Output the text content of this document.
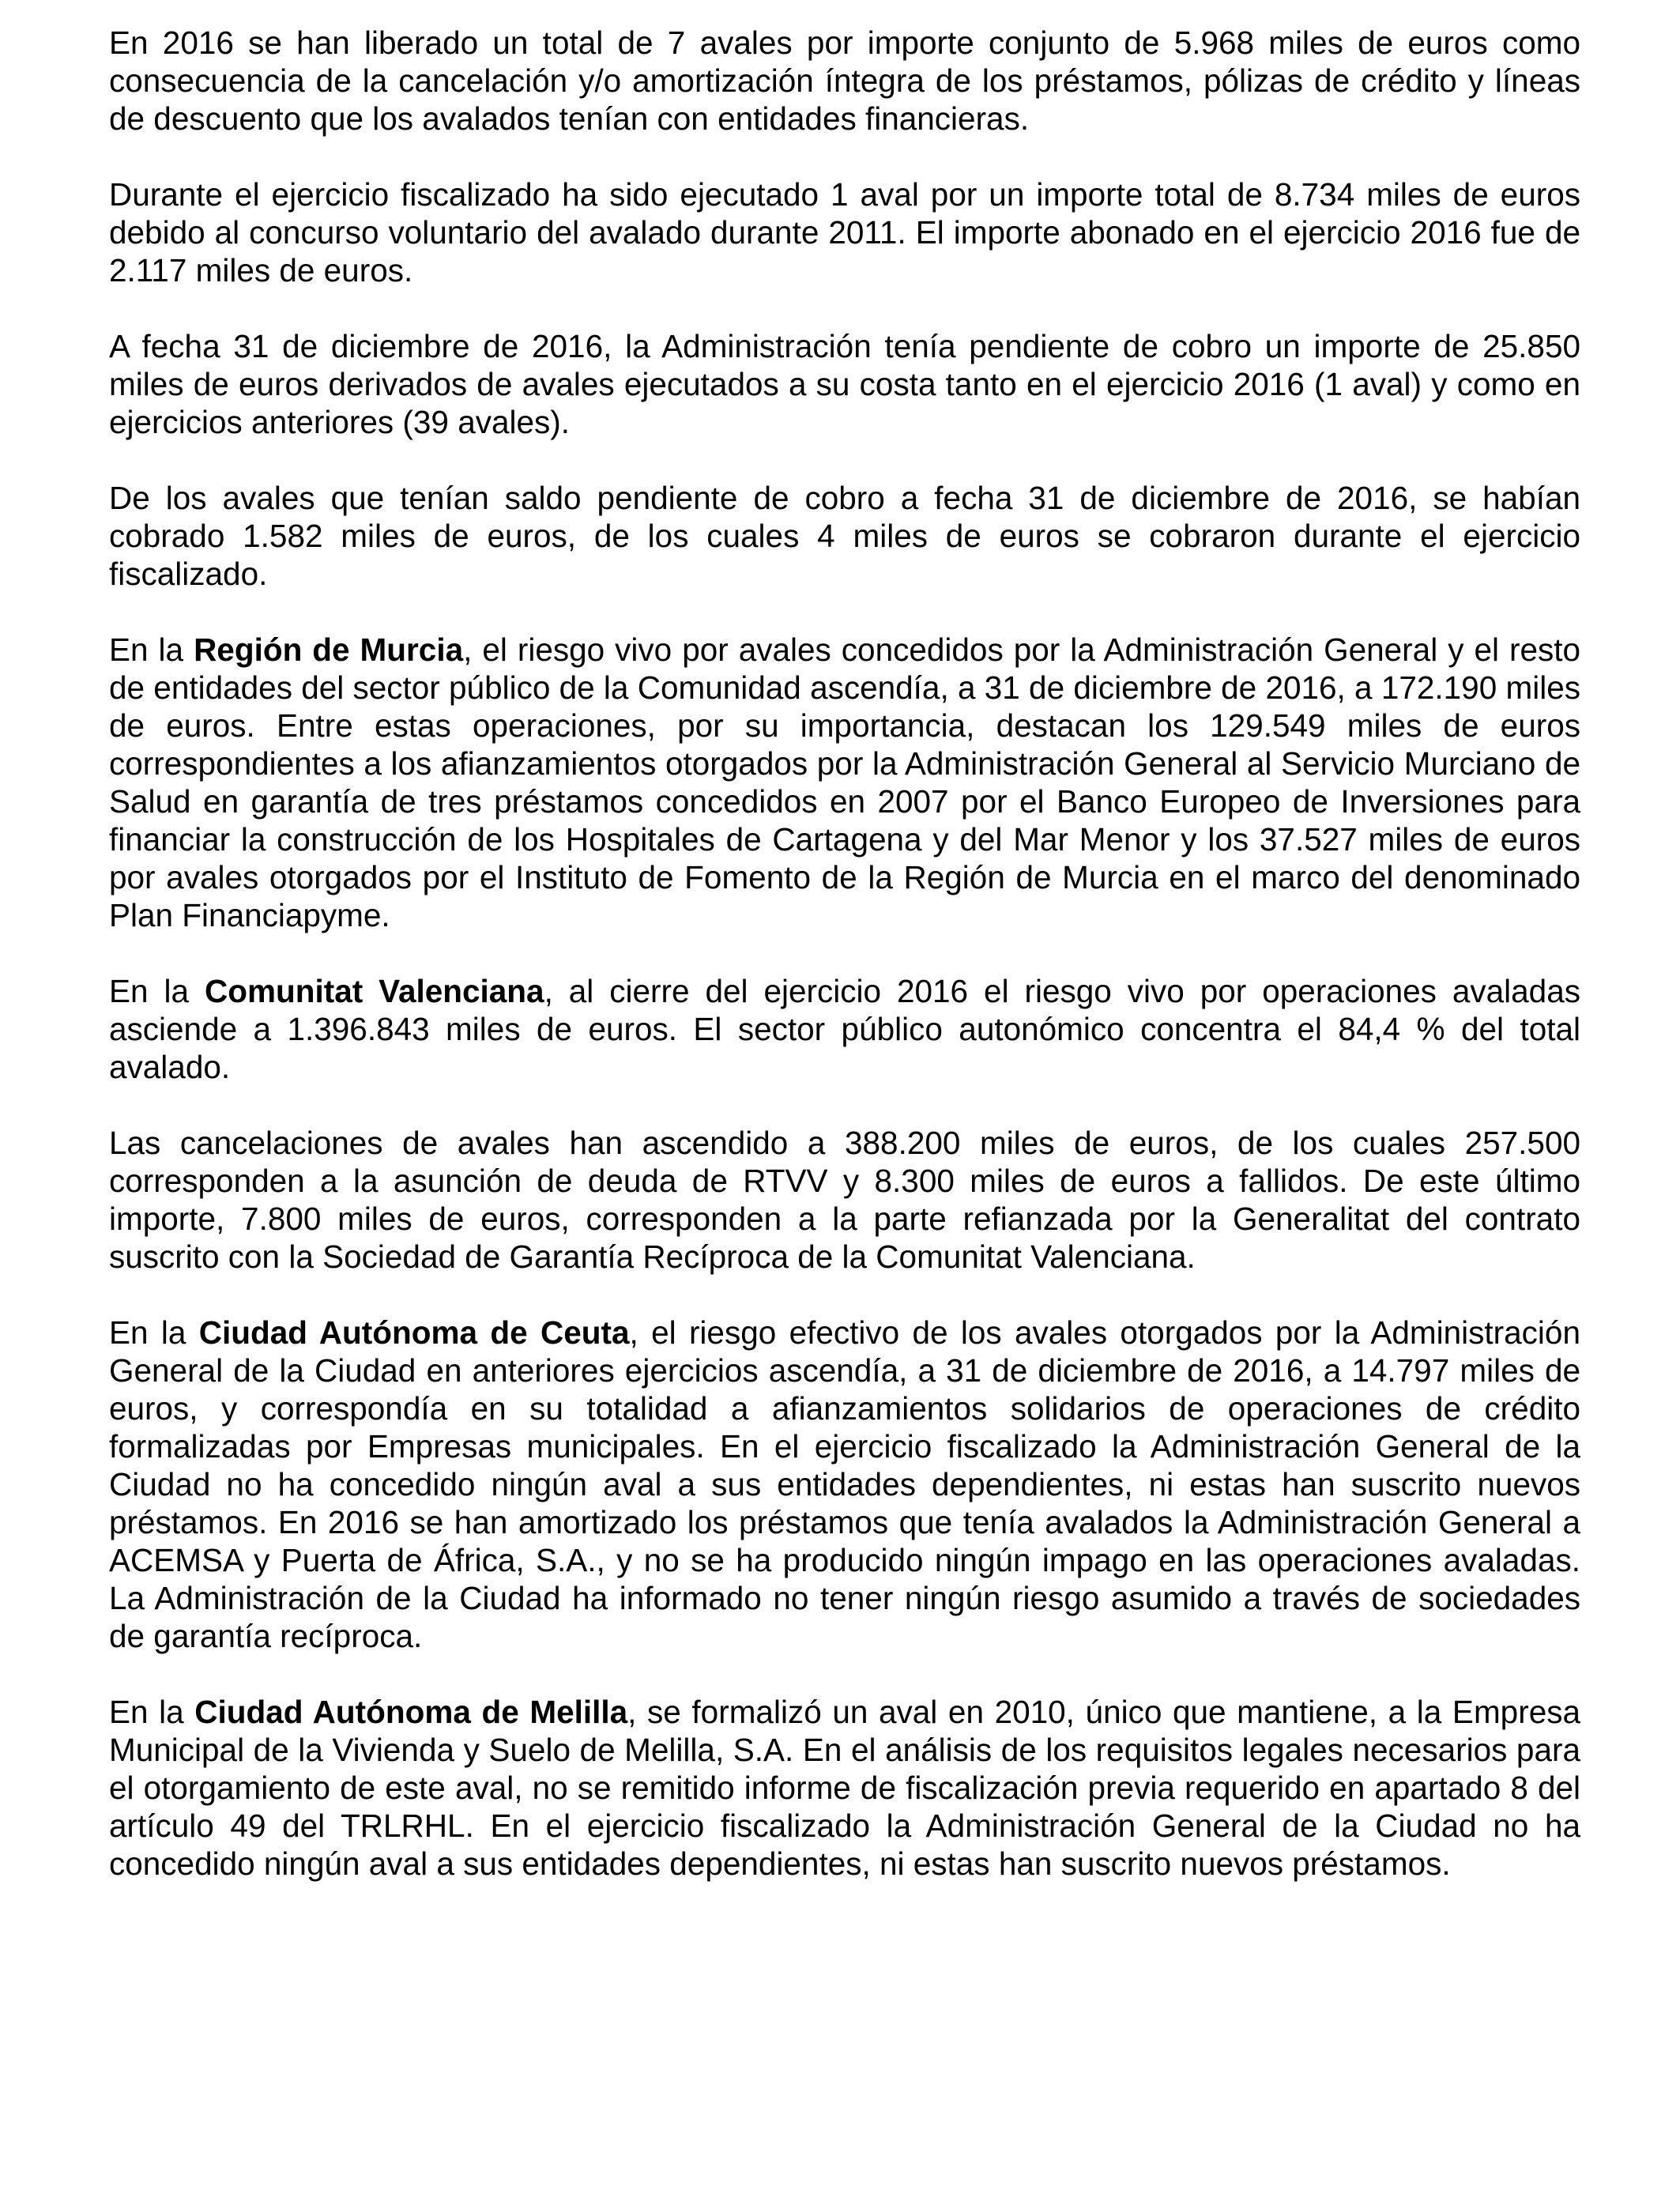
En 2016 se han liberado un total de 7 avales por importe conjunto de 5.968 miles de euros como consecuencia de la cancelación y/o amortización íntegra de los préstamos, pólizas de crédito y líneas de descuento que los avalados tenían con entidades financieras.

Durante el ejercicio fiscalizado ha sido ejecutado 1 aval por un importe total de 8.734 miles de euros debido al concurso voluntario del avalado durante 2011. El importe abonado en el ejercicio 2016 fue de 2.117 miles de euros.

A fecha 31 de diciembre de 2016, la Administración tenía pendiente de cobro un importe de 25.850 miles de euros derivados de avales ejecutados a su costa tanto en el ejercicio 2016 (1 aval) y como en ejercicios anteriores (39 avales).

De los avales que tenían saldo pendiente de cobro a fecha 31 de diciembre de 2016, se habían cobrado 1.582 miles de euros, de los cuales 4 miles de euros se cobraron durante el ejercicio fiscalizado.

En la Región de Murcia, el riesgo vivo por avales concedidos por la Administración General y el resto de entidades del sector público de la Comunidad ascendía, a 31 de diciembre de 2016, a 172.190 miles de euros. Entre estas operaciones, por su importancia, destacan los 129.549 miles de euros correspondientes a los afianzamientos otorgados por la Administración General al Servicio Murciano de Salud en garantía de tres préstamos concedidos en 2007 por el Banco Europeo de Inversiones para financiar la construcción de los Hospitales de Cartagena y del Mar Menor y los 37.527 miles de euros por avales otorgados por el Instituto de Fomento de la Región de Murcia en el marco del denominado Plan Financiapyme.

En la Comunitat Valenciana, al cierre del ejercicio 2016 el riesgo vivo por operaciones avaladas asciende a 1.396.843 miles de euros. El sector público autonómico concentra el 84,4 % del total avalado.

Las cancelaciones de avales han ascendido a 388.200 miles de euros, de los cuales 257.500 corresponden a la asunción de deuda de RTVV y 8.300 miles de euros a fallidos. De este último importe, 7.800 miles de euros, corresponden a la parte refianzada por la Generalitat del contrato suscrito con la Sociedad de Garantía Recíproca de la Comunitat Valenciana.

En la Ciudad Autónoma de Ceuta, el riesgo efectivo de los avales otorgados por la Administración General de la Ciudad en anteriores ejercicios ascendía, a 31 de diciembre de 2016, a 14.797 miles de euros, y correspondía en su totalidad a afianzamientos solidarios de operaciones de crédito formalizadas por Empresas municipales. En el ejercicio fiscalizado la Administración General de la Ciudad no ha concedido ningún aval a sus entidades dependientes, ni estas han suscrito nuevos préstamos. En 2016 se han amortizado los préstamos que tenía avalados la Administración General a ACEMSA y Puerta de África, S.A., y no se ha producido ningún impago en las operaciones avaladas. La Administración de la Ciudad ha informado no tener ningún riesgo asumido a través de sociedades de garantía recíproca.

En la Ciudad Autónoma de Melilla, se formalizó un aval en 2010, único que mantiene, a la Empresa Municipal de la Vivienda y Suelo de Melilla, S.A. En el análisis de los requisitos legales necesarios para el otorgamiento de este aval, no se remitido informe de fiscalización previa requerido en apartado 8 del artículo 49 del TRLRHL. En el ejercicio fiscalizado la Administración General de la Ciudad no ha concedido ningún aval a sus entidades dependientes, ni estas han suscrito nuevos préstamos.
